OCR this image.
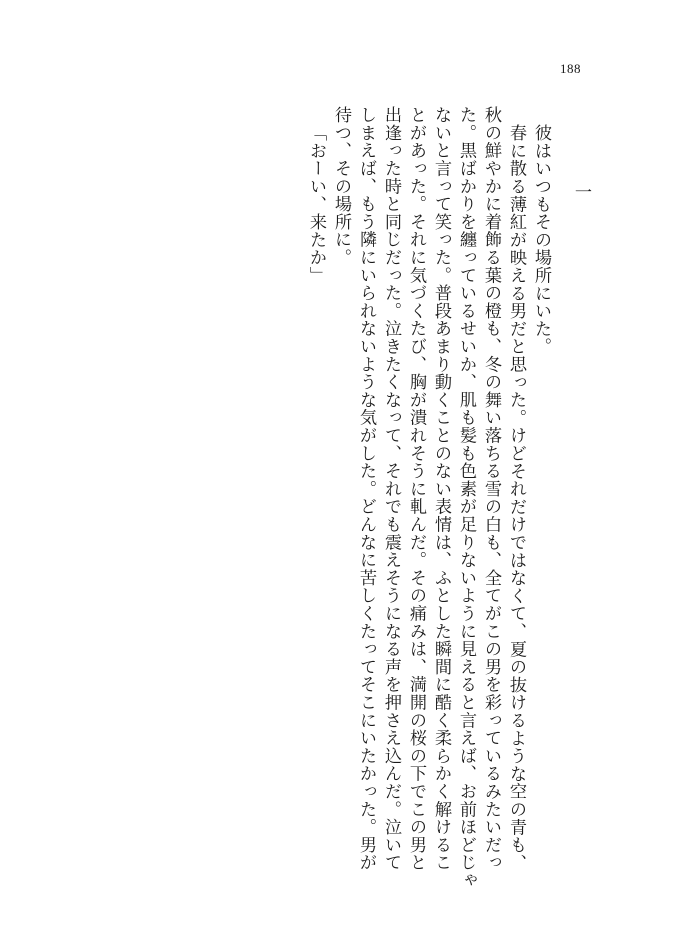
188
一
彼はいつもその場所にいた。
春に散る薄紅が映える男だと思った。けどそれだけではなくて、夏の抜けるような空の青も、
秋の鮮やかに着飾る葉の橙も、冬の舞い落ちる雪の白も、全てがこの男を彩っているみたいだっ
た。黒ばかりを纏っているせいか、肌も髪も色素が足りないように見えると言えば、お前ほどじゃ
ないと言って笑った。普段あまり動くことのない表情は、ふとした瞬間に酷く柔らかく解けるこ
とがあった。それに気づくたび、胸が潰れそうに軋んだ。その痛みは、満開の桜の下でこの男と
出逢った時と同じだった。泣きたくなって、それでも震えそうになる声を押さえ込んだ。泣いて
しまえば、もう隣にいられないような気がした。どんなに苦しくたってそこにいたかった。男が
待つ、その場所に。
「おーい、来たか」
